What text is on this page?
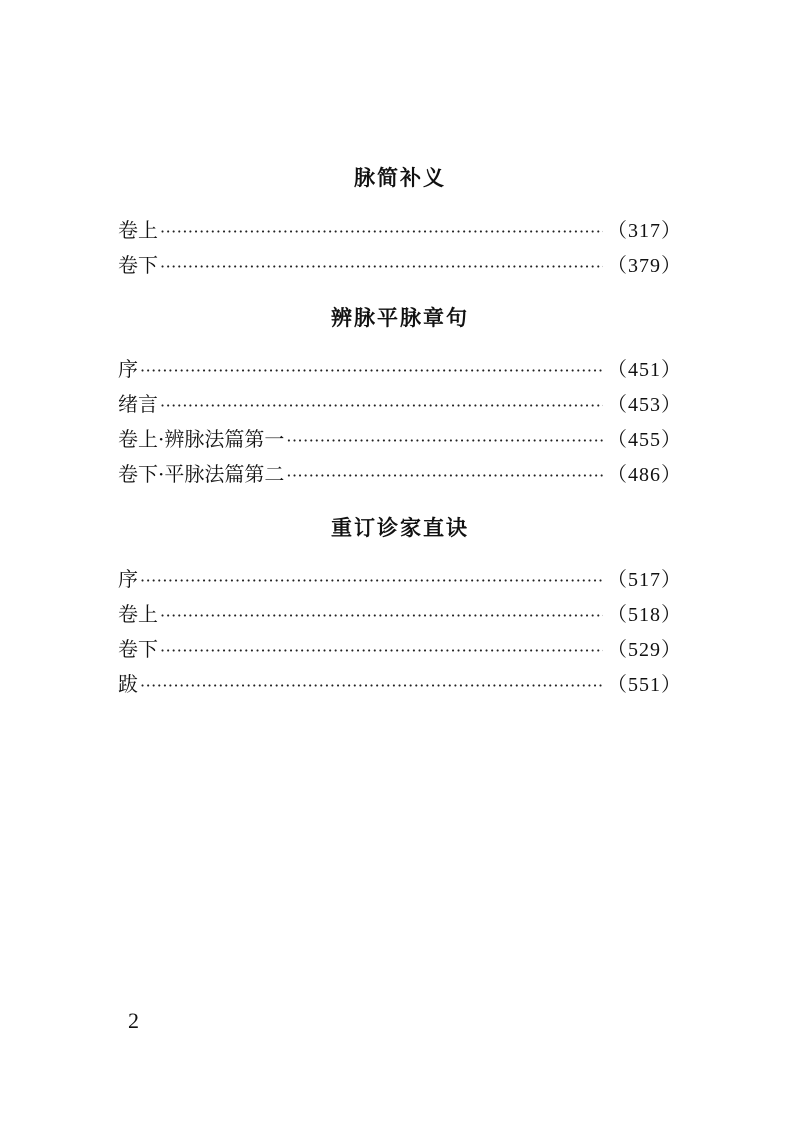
脉简补义
卷上 ·····	（317）
卷下 ·····	（379）
辨脉平脉章句
序 ·····	（451）
绪言 ·····	（453）
卷上·辨脉法篇第一 ·····	（455）
卷下·平脉法篇第二 ·····	（486）
重订诊家直诀
序 ·····	（517）
卷上 ·····	（518）
卷下 ·····	（529）
跋 ·····	（551）

2
